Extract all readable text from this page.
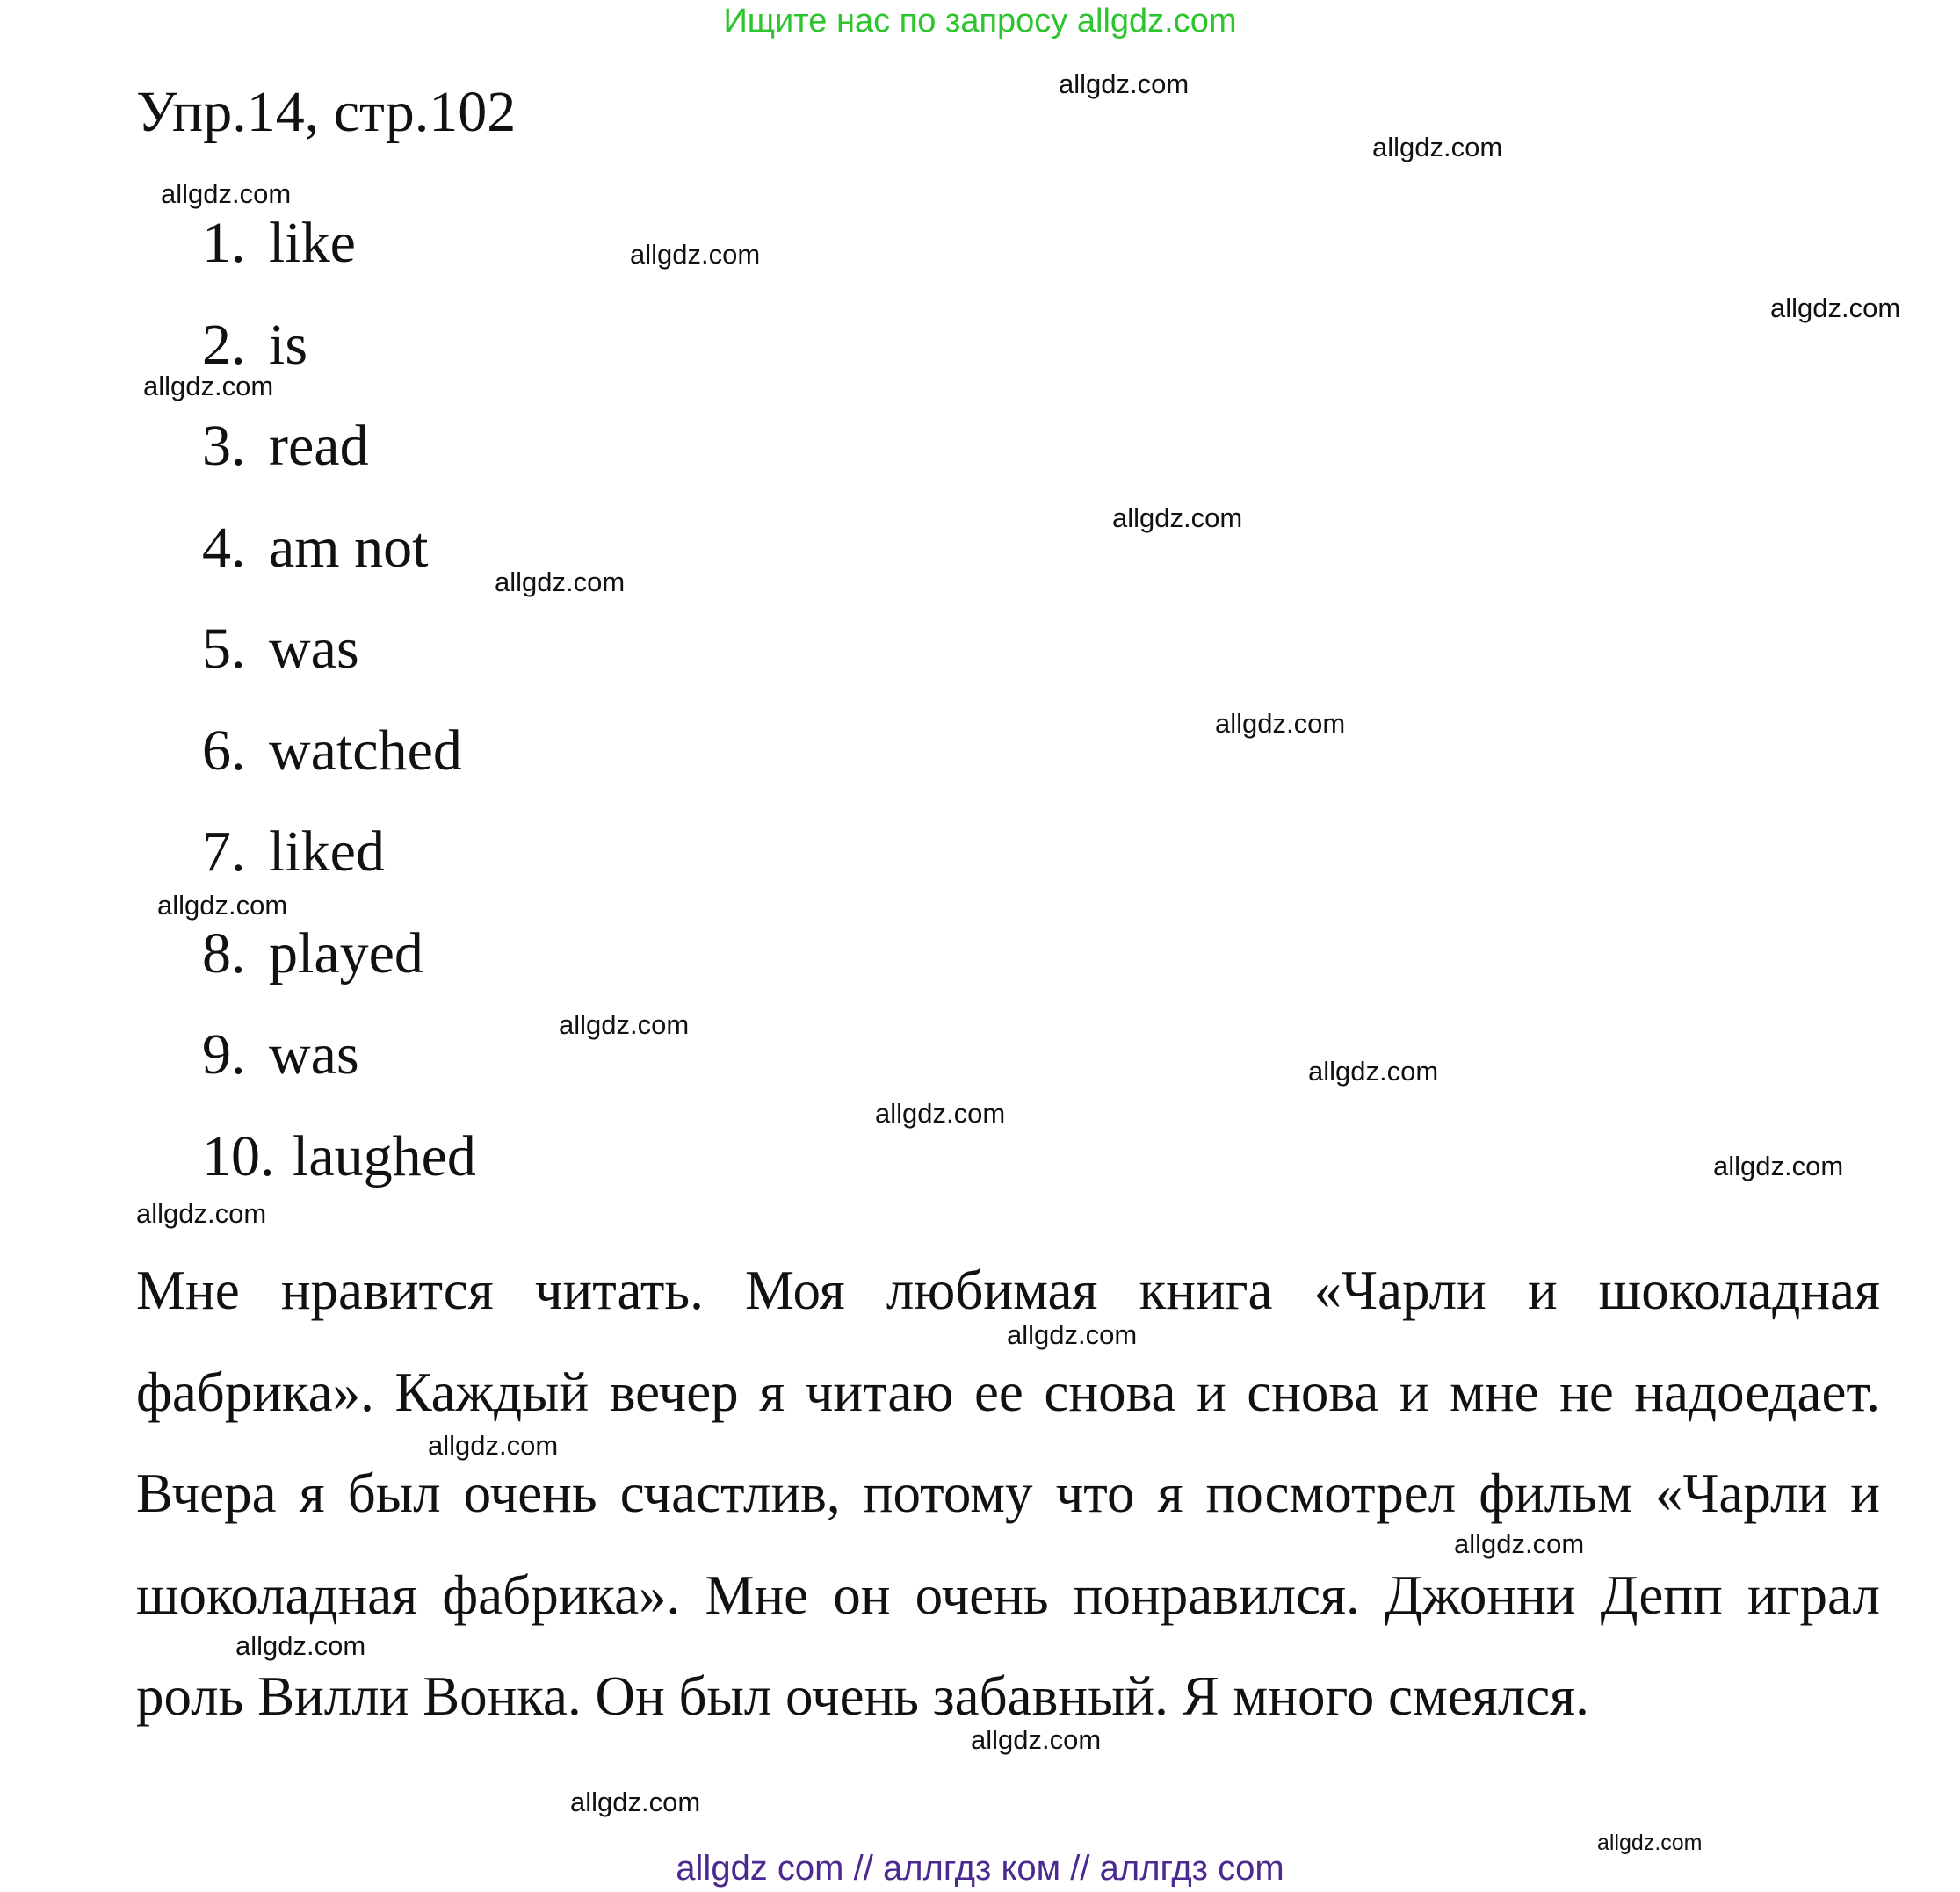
Ищите нас по запросу allgdz.com
Упр.14, стр.102
1. like
2. is
3. read
4. am not
5. was
6. watched
7. liked
8. played
9. was
10. laughed

Мне нравится читать. Моя любимая книга «Чарли и шоколадная фабрика». Каждый вечер я читаю ее снова и снова и мне не надоедает. Вчера я был очень счастлив, потому что я посмотрел фильм «Чарли и шоколадная фабрика». Мне он очень понравился. Джонни Депп играл роль Вилли Вонка. Он был очень забавный. Я много смеялся.

allgdz.com
allgdz.com
allgdz.com
allgdz.com
allgdz.com
allgdz.com
allgdz.com
allgdz.com
allgdz.com
allgdz.com
allgdz.com
allgdz.com
allgdz.com
allgdz.com
allgdz.com
allgdz.com
allgdz.com
allgdz.com
allgdz.com
allgdz.com
allgdz.com
allgdz.com
allgdz com // аллгдз ком // аллгдз com
